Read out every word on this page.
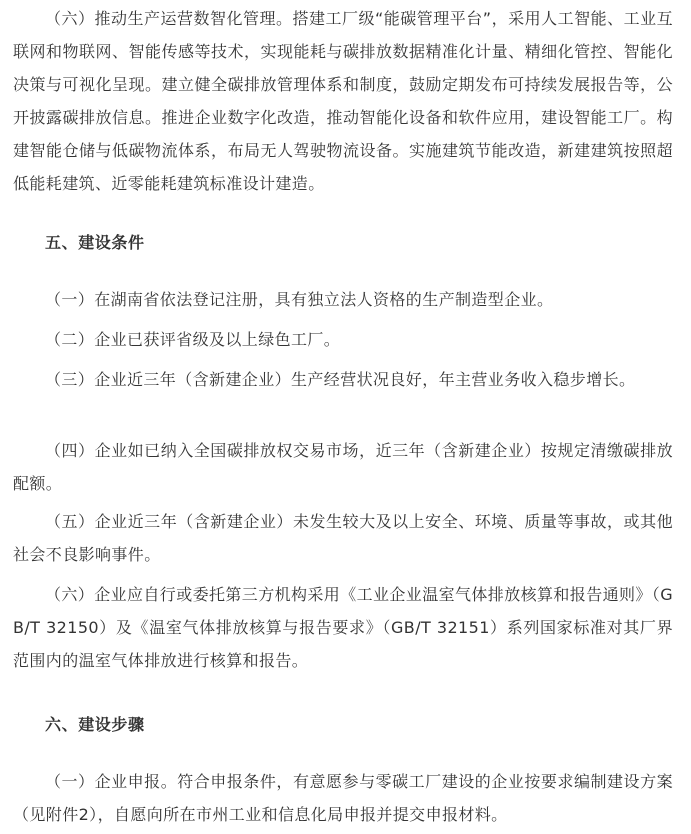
（六）推动生产运营数智化管理。搭建工厂级“能碳管理平台”，采用人工智能、工业互联网和物联网、智能传感等技术，实现能耗与碳排放数据精准化计量、精细化管控、智能化决策与可视化呈现。建立健全碳排放管理体系和制度，鼓励定期发布可持续发展报告等，公开披露碳排放信息。推进企业数字化改造，推动智能化设备和软件应用，建设智能工厂。构建智能仓储与低碳物流体系，布局无人驾驶物流设备。实施建筑节能改造，新建建筑按照超低能耗建筑、近零能耗建筑标准设计建造。

五、建设条件

（一）在湖南省依法登记注册，具有独立法人资格的生产制造型企业。

（二）企业已获评省级及以上绿色工厂。

（三）企业近三年（含新建企业）生产经营状况良好，年主营业务收入稳步增长。

（四）企业如已纳入全国碳排放权交易市场，近三年（含新建企业）按规定清缴碳排放配额。

（五）企业近三年（含新建企业）未发生较大及以上安全、环境、质量等事故，或其他社会不良影响事件。

（六）企业应自行或委托第三方机构采用《工业企业温室气体排放核算和报告通则》（GB/T 32150）及《温室气体排放核算与报告要求》（GB/T 32151）系列国家标准对其厂界范围内的温室气体排放进行核算和报告。

六、建设步骤

（一）企业申报。符合申报条件，有意愿参与零碳工厂建设的企业按要求编制建设方案（见附件2），自愿向所在市州工业和信息化局申报并提交申报材料。
